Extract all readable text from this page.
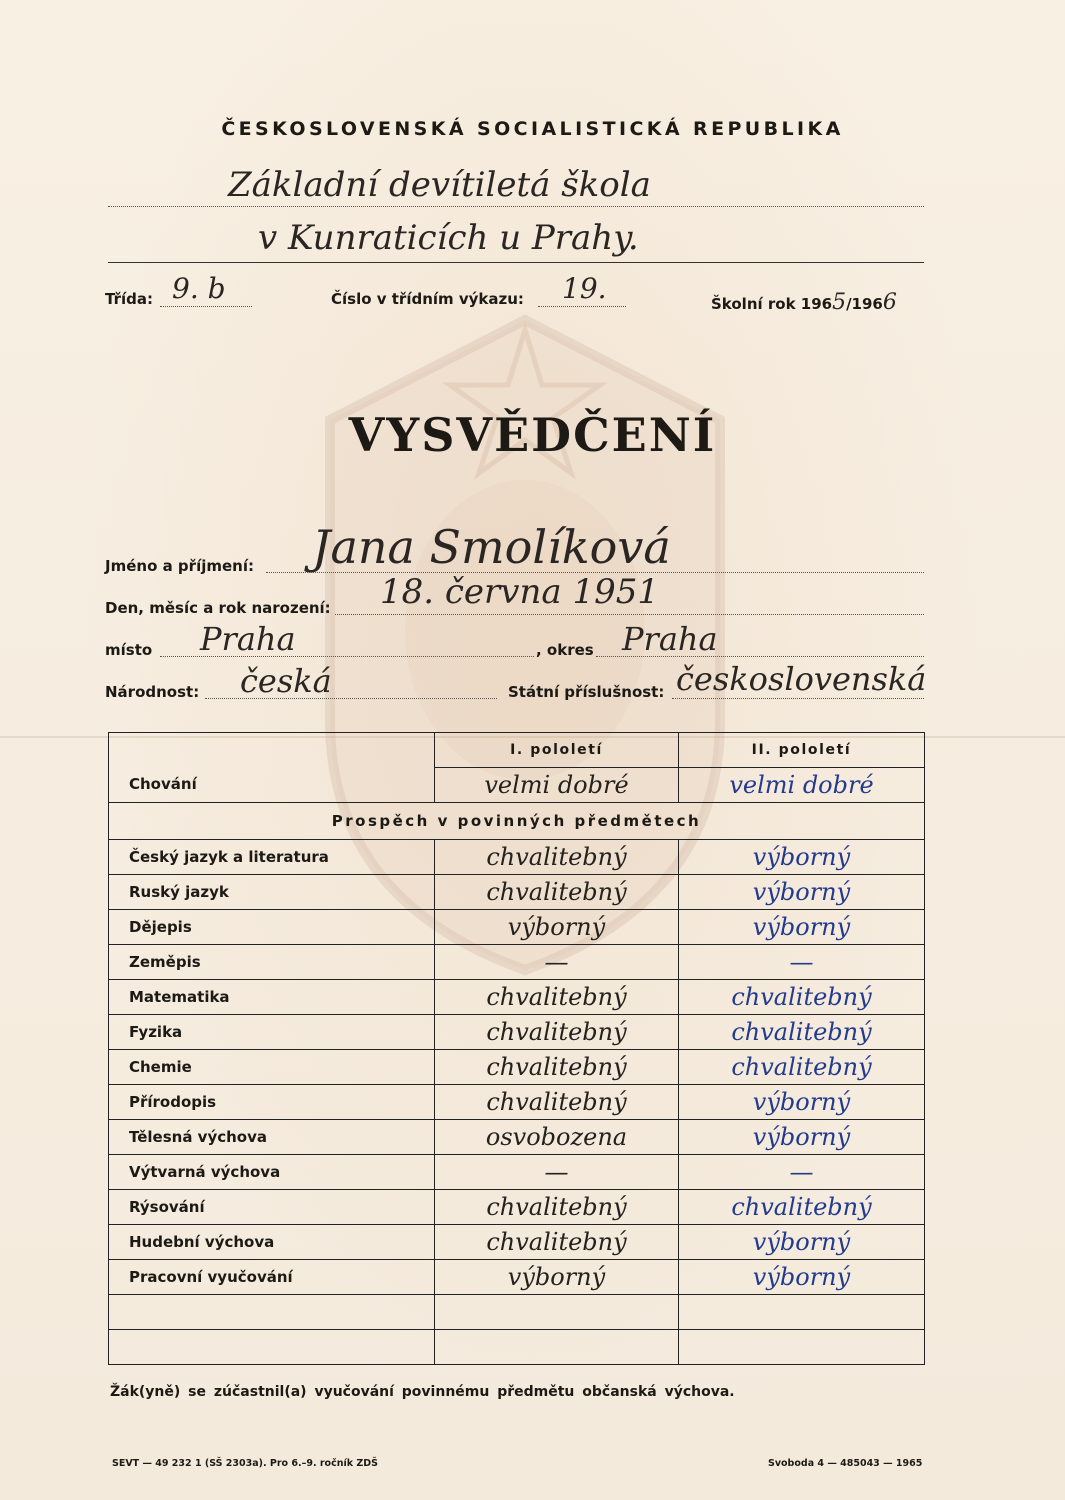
ČESKOSLOVENSKÁ SOCIALISTICKÁ REPUBLIKA
Základní devítiletá škola
v Kunraticích u Prahy.
Třída: 9. b	Číslo v třídním výkazu: 19.	Školní rok 1965/1966
VYSVĚDČENÍ
Jméno a příjmení: Jana Smolíková
Den, měsíc a rok narození: 18. června 1951
místo Praha	, okres Praha
Národnost: česká	Státní příslušnost: československá
	I. pololetí	II. pololetí
Chování	velmi dobré	velmi dobré
Prospěch v povinných předmětech		
Český jazyk a literatura	chvalitebný	výborný
Ruský jazyk	chvalitebný	výborný
Dějepis	výborný	výborný
Zeměpis	—	—
Matematika	chvalitebný	chvalitebný
Fyzika	chvalitebný	chvalitebný
Chemie	chvalitebný	chvalitebný
Přírodopis	chvalitebný	výborný
Tělesná výchova	osvobozena	výborný
Výtvarná výchova	—	—
Rýsování	chvalitebný	chvalitebný
Hudební výchova	chvalitebný	výborný
Pracovní vyučování	výborný	výborný

Žák(yně) se zúčastnil(a) vyučování povinnému předmětu občanská výchova.
SEVT — 49 232 1 (SŠ 2303a). Pro 6.–9. ročník ZDŠ	Svoboda 4 — 485043 — 1965
